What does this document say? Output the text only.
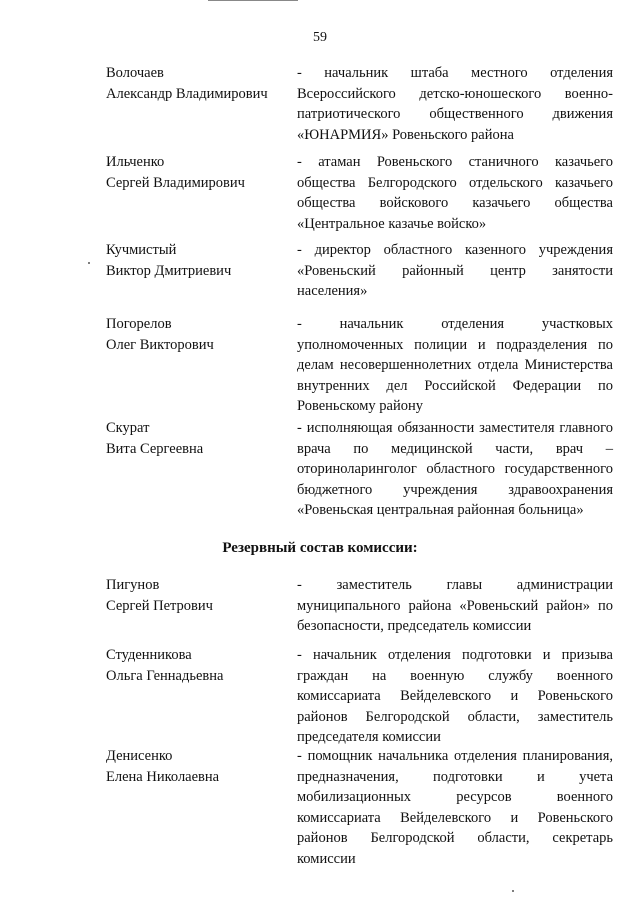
59
Волочаев
Александр Владимирович
- начальник штаба местного отделения Всероссийского детско-юношеского военно-патриотического общественного движения «ЮНАРМИЯ» Ровеньского района
Ильченко
Сергей Владимирович
- атаман Ровеньского станичного казачьего общества Белгородского отдельского казачьего общества войскового казачьего общества «Центральное казачье войско»
Кучмистый
Виктор Дмитриевич
- директор областного казенного учреждения «Ровеньский районный центр занятости населения»
Погорелов
Олег Викторович
- начальник отделения участковых уполномоченных полиции и подразделения по делам несовершеннолетних отдела Министерства внутренних дел Российской Федерации по Ровеньскому району
Скурат
Вита Сергеевна
- исполняющая обязанности заместителя главного врача по медицинской части, врач – оториноларинголог областного государственного бюджетного учреждения здравоохранения «Ровеньская центральная районная больница»
Резервный состав комиссии:
Пигунов
Сергей Петрович
- заместитель главы администрации муниципального района «Ровеньский район» по безопасности, председатель комиссии
Студенникова
Ольга Геннадьевна
- начальник отделения подготовки и призыва граждан на военную службу военного комиссариата Вейделевского и Ровеньского районов Белгородской области, заместитель председателя комиссии
Денисенко
Елена Николаевна
- помощник начальника отделения планирования, предназначения, подготовки и учета мобилизационных ресурсов военного комиссариата Вейделевского и Ровеньского районов Белгородской области, секретарь комиссии
